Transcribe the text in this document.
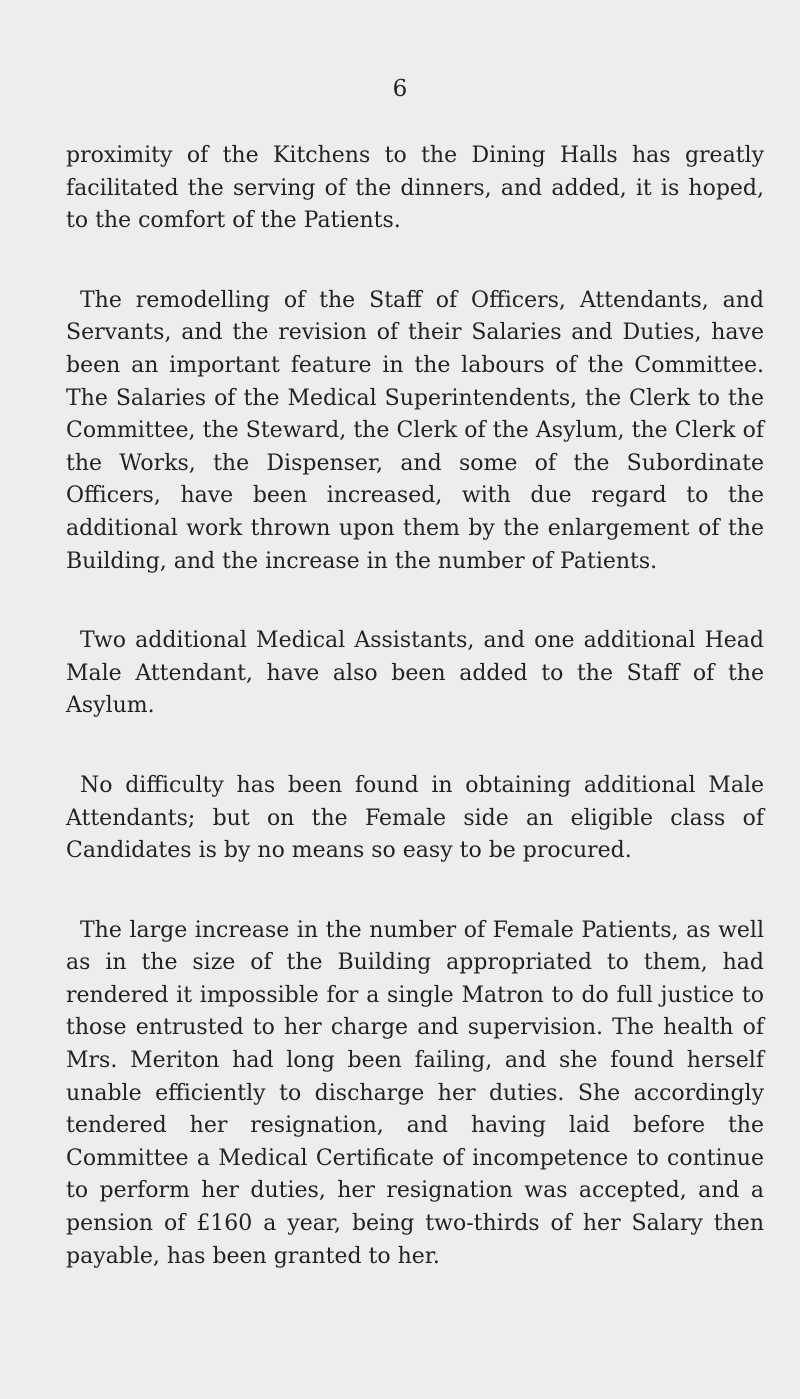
6

proximity of the Kitchens to the Dining Halls has greatly facilitated the serving of the dinners, and added, it is hoped, to the comfort of the Patients.

The remodelling of the Staff of Officers, Attendants, and Servants, and the revision of their Salaries and Duties, have been an important feature in the labours of the Committee. The Salaries of the Medical Superintendents, the Clerk to the Committee, the Steward, the Clerk of the Asylum, the Clerk of the Works, the Dispenser, and some of the Subordinate Officers, have been increased, with due regard to the additional work thrown upon them by the enlargement of the Building, and the increase in the number of Patients.

Two additional Medical Assistants, and one additional Head Male Attendant, have also been added to the Staff of the Asylum.

No difficulty has been found in obtaining additional Male Attendants; but on the Female side an eligible class of Candidates is by no means so easy to be procured.

The large increase in the number of Female Patients, as well as in the size of the Building appropriated to them, had rendered it impossible for a single Matron to do full justice to those entrusted to her charge and supervision. The health of Mrs. Meriton had long been failing, and she found herself unable efficiently to discharge her duties. She accordingly tendered her resignation, and having laid before the Committee a Medical Certificate of incompetence to continue to perform her duties, her resignation was accepted, and a pension of £160 a year, being two-thirds of her Salary then payable, has been granted to her.
